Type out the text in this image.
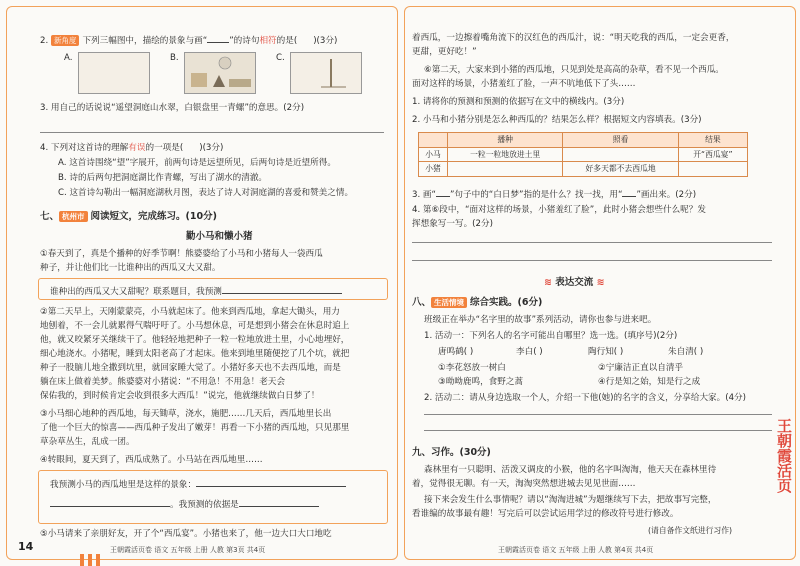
2. 新角度 下列三幅图中，描绘的景象与画“	”的诗句相符的是( )(3分)
A.	B.	C.
3. 用自己的话说说“遥望洞庭山水翠，白银盘里一青螺”的意思。(2分)
4. 下列对这首诗的理解有误的一项是( )(3分)
A. 这首诗围绕“望”字展开，前两句诗是远望所见，后两句诗是近望所得。
B. 诗的后两句把洞庭湖比作青螺，写出了湖水的清澈。
C. 这首诗勾勒出一幅洞庭湖秋月图，表达了诗人对洞庭湖的喜爱和赞美之情。
七、 杭州市 阅读短文，完成练习。(10分)
勤小马和懒小猪
①春天到了，真是个播种的好季节啊！熊婆婆给了小马和小猪每人一袋西瓜
种子，并让他们比一比谁种出的西瓜又大又甜。
谁种出的西瓜又大又甜呢？联系题目，我预测
②第二天早上，天刚蒙蒙亮，小马就起床了。他来到西瓜地，拿起大锄头，用力
地刨着，不一会儿就累得气喘吁吁了。小马想休息，可是想到小猪会在休息时追上
他，就又咬紧牙关继续干了。他轻轻地把种子一粒一粒地放进土里，小心地埋好，
细心地浇水。小猪呢，睡到太阳老高了才起床。他来到地里随便挖了几个坑，就把
种子一股脑儿地全撒到坑里，就回家睡大觉了。小猪好多天也不去西瓜地，而是
躺在床上做着美梦。熊婆婆对小猪说：“不用急！不用急！老天会
保佑我的，到时候肯定会收到很多大西瓜！”说完，他就继续做白日梦了！
③小马细心地种的西瓜地，每天锄草，浇水，施肥……几天后，西瓜地里长出
了他一个巨大的惊喜——西瓜种子发出了嫩芽！再看一下小猪的西瓜地，只见那里
草杂草丛生，乱成一团。
④转眼间，夏天到了，西瓜成熟了。小马站在西瓜地里……
我预测小马的西瓜地里是这样的景象：
。我预测的依据是
⑤小马请来了亲朋好友，开了个“西瓜宴”。小猪也来了，他一边大口大口地吃
14	王朝霞活页卷 语文 五年级 上册 人教 第3页 共4页
着西瓜，一边擦着嘴角流下的汉红色的西瓜汁，说：“明天吃我的西瓜，一定会更香，
更甜，更好吃！”
⑥第二天，大家来到小猪的西瓜地，只见到处是高高的杂草，看不见一个西瓜。
面对这样的场景，小猪羞红了脸，一声不吭地低下了头……
1. 请将你的预测和预测的依据写在文中的横线内。(3分)
2. 小马和小猪分别是怎么种西瓜的？结果怎么样？根据短文内容填表。(3分)
	播种	照看	结果
小马	一粒一粒地放进土里		开“西瓜宴”
小猪		好多天都不去西瓜地	
3. 画“ ”句子中的“白日梦”指的是什么？找一找，用“ ”画出来。(2分)
4. 第⑥段中，“面对这样的场景，小猪羞红了脸”，此时小猪会想些什么呢？发
挥想象写一写。(2分)
≋ 表达交流 ≋
八、 生活情境 综合实践。(6分)
班级正在举办“名字里的故事”系列活动，请你也参与进来吧。
1. 活动一：下列名人的名字可能出自哪里？选一选。(填序号)(2分)
唐鸣鹤( )	李白( )	陶行知( )	朱自清( )
①李花怒放一树白	②宁廉洁正直以自清乎
③呦呦鹿鸣，食野之蒿	④行是知之始，知是行之成
2. 活动二：请从身边选取一个人，介绍一下他(她)的名字的含义，分享给大家。(4分)
九、习作。(30分)
森林里有一只聪明、活泼又调皮的小猴，他的名字叫淘淘，他天天在森林里待
着，觉得很无聊。有一天，淘淘突然想进城去见见世面……
接下来会发生什么事情呢？请以“淘淘进城”为题继续写下去，把故事写完整，
看谁编的故事最有趣！写完后可以尝试运用学过的修改符号进行修改。
(请自备作文纸进行习作)
王朝霞活页
王朝霞活页卷 语文 五年级 上册 人教 第4页 共4页
